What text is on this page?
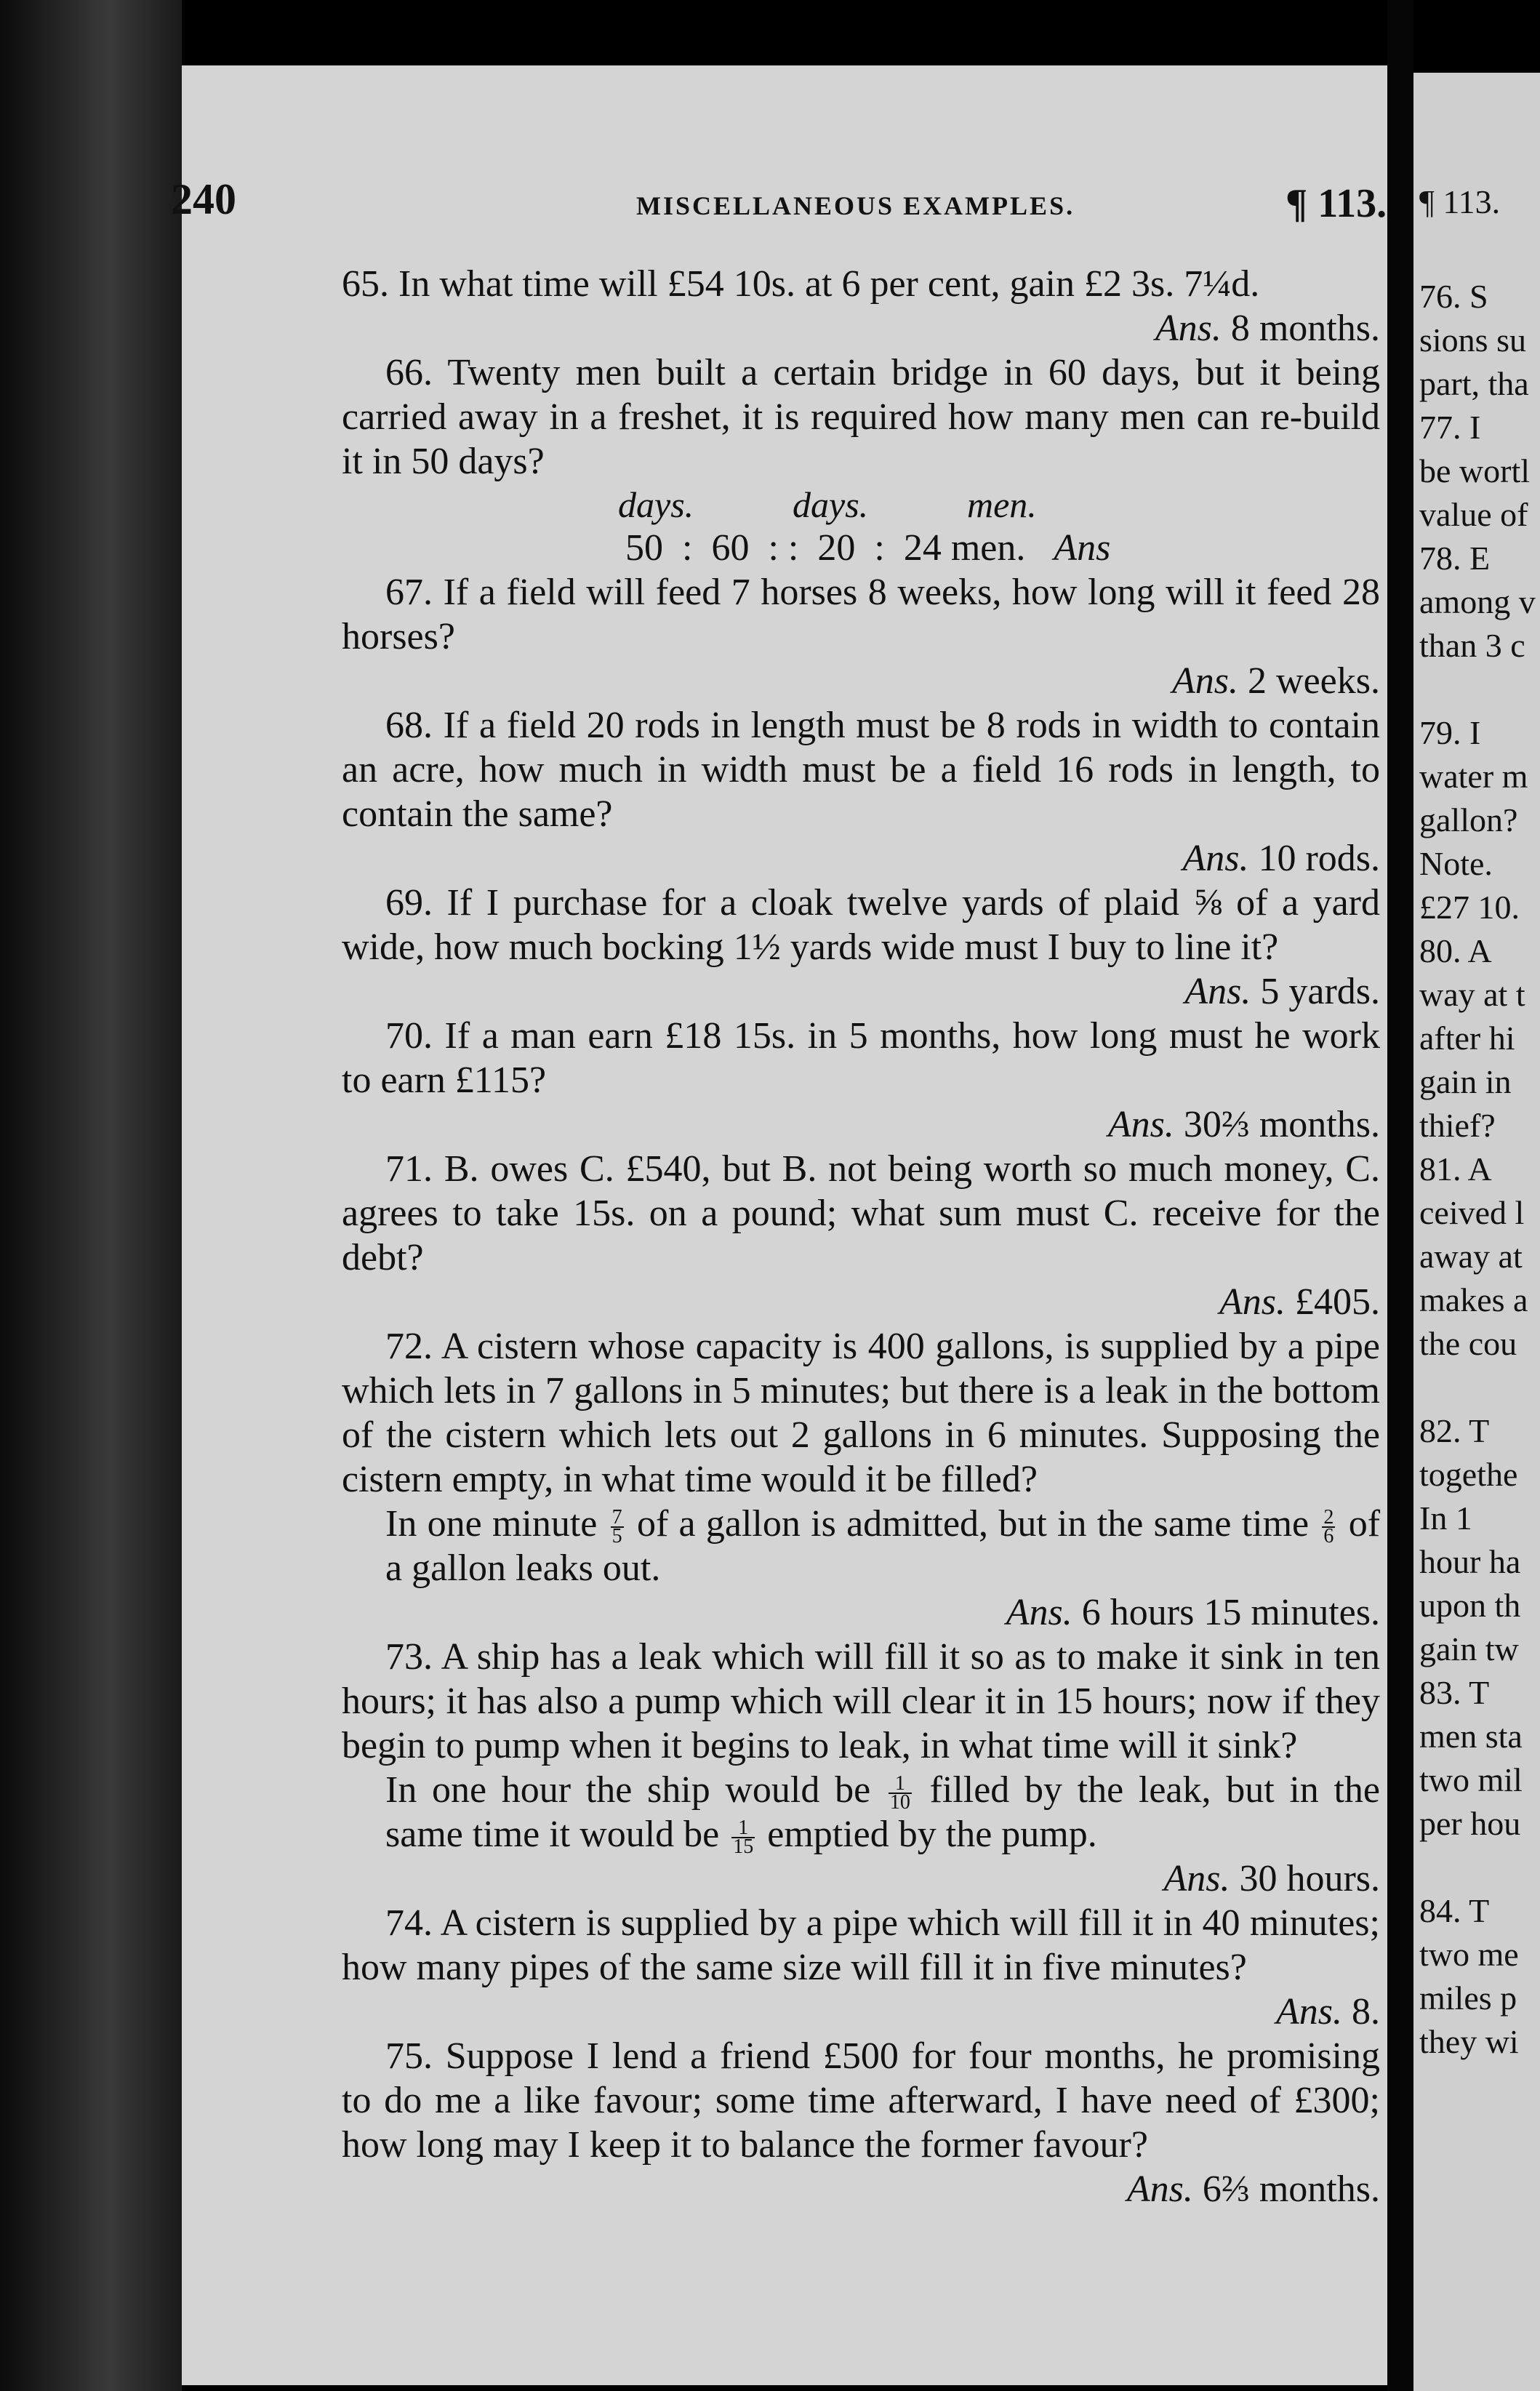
¶ 113.
76. S
sions su
part, tha
77. I
be wortl
value of
78. E
among v
than 3 c
79. I
water m
gallon?
Note.
£27 10.
80. A
way at t
after hi
gain in
thief?
81. A
ceived l
away at
makes a
the cou
82. T
togethe
In 1
hour ha
upon th
gain tw
83. T
men sta
two mil
per hou
84. T
two me
miles p
they wi
240	MISCELLANEOUS EXAMPLES.	¶ 113.

65. In what time will £54 10s. at 6 per cent, gain £2 3s. 7¼d.

Ans. 8 months.

66. Twenty men built a certain bridge in 60 days, but it being carried away in a freshet, it is required how many men can re-build it in 50 days?

days.	days.	men.

50  :  60  : :  20  :  24 men. Ans

67. If a field will feed 7 horses 8 weeks, how long will it feed 28 horses?

Ans. 2 weeks.

68. If a field 20 rods in length must be 8 rods in width to contain an acre, how much in width must be a field 16 rods in length, to contain the same?

Ans. 10 rods.

69. If I purchase for a cloak twelve yards of plaid ⅝ of a yard wide, how much bocking 1½ yards wide must I buy to line it?

Ans. 5 yards.

70. If a man earn £18 15s. in 5 months, how long must he work to earn £115?

Ans. 30⅔ months.

71. B. owes C. £540, but B. not being worth so much money, C. agrees to take 15s. on a pound; what sum must C. receive for the debt?

Ans. £405.

72. A cistern whose capacity is 400 gallons, is supplied by a pipe which lets in 7 gallons in 5 minutes; but there is a leak in the bottom of the cistern which lets out 2 gallons in 6 minutes. Supposing the cistern empty, in what time would it be filled?

In one minute $\frac{7}{5}$ of a gallon is admitted, but in the same time $\frac{2}{6}$ of a gallon leaks out.

Ans. 6 hours 15 minutes.

73. A ship has a leak which will fill it so as to make it sink in ten hours; it has also a pump which will clear it in 15 hours; now if they begin to pump when it begins to leak, in what time will it sink?

In one hour the ship would be $\frac{1}{10}$ filled by the leak, but in the same time it would be $\frac{1}{15}$ emptied by the pump.

Ans. 30 hours.

74. A cistern is supplied by a pipe which will fill it in 40 minutes; how many pipes of the same size will fill it in five minutes?

Ans. 8.

75. Suppose I lend a friend £500 for four months, he promising to do me a like favour; some time afterward, I have need of £300; how long may I keep it to balance the former favour?

Ans. 6⅔ months.
